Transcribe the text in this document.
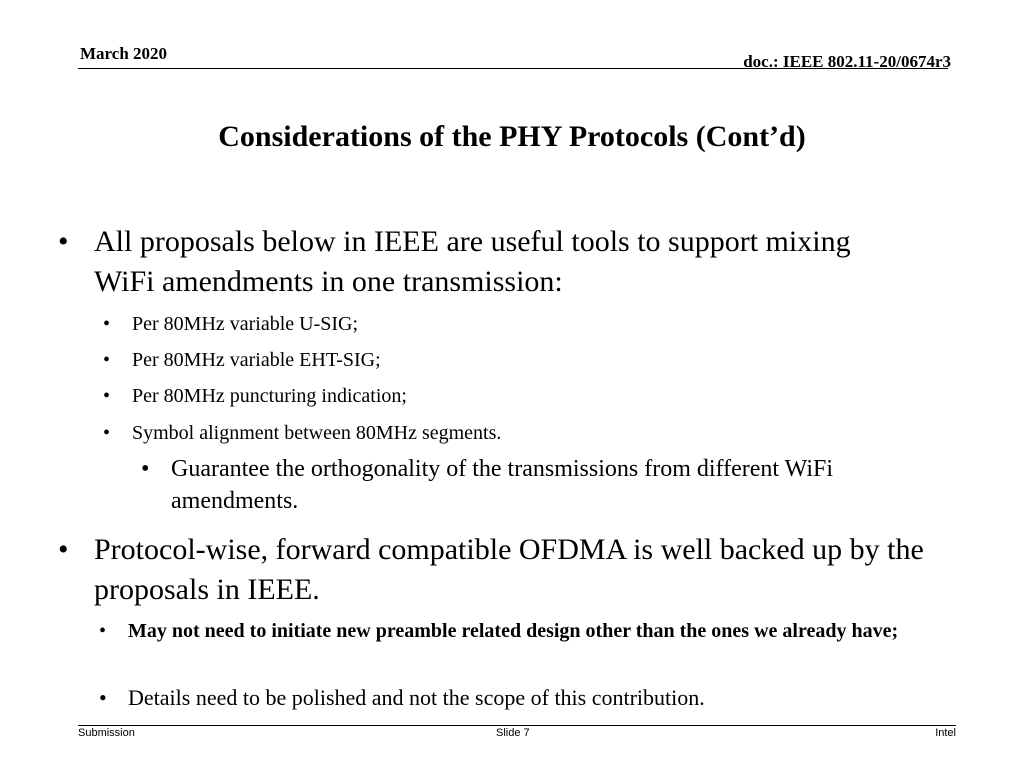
March 2020	doc.: IEEE 802.11-20/0674r3
Considerations of the PHY Protocols (Cont’d)
• All proposals below in IEEE are useful tools to support mixing WiFi amendments in one transmission:
• Per 80MHz variable U-SIG;
• Per 80MHz variable EHT-SIG;
• Per 80MHz puncturing indication;
• Symbol alignment between 80MHz segments.
• Guarantee the orthogonality of the transmissions from different WiFi amendments.
• Protocol-wise, forward compatible OFDMA is well backed up by the proposals in IEEE.
• May not need to initiate new preamble related design other than the ones we already have;
• Details need to be polished and not the scope of this contribution.
Submission	Slide 7	Intel
